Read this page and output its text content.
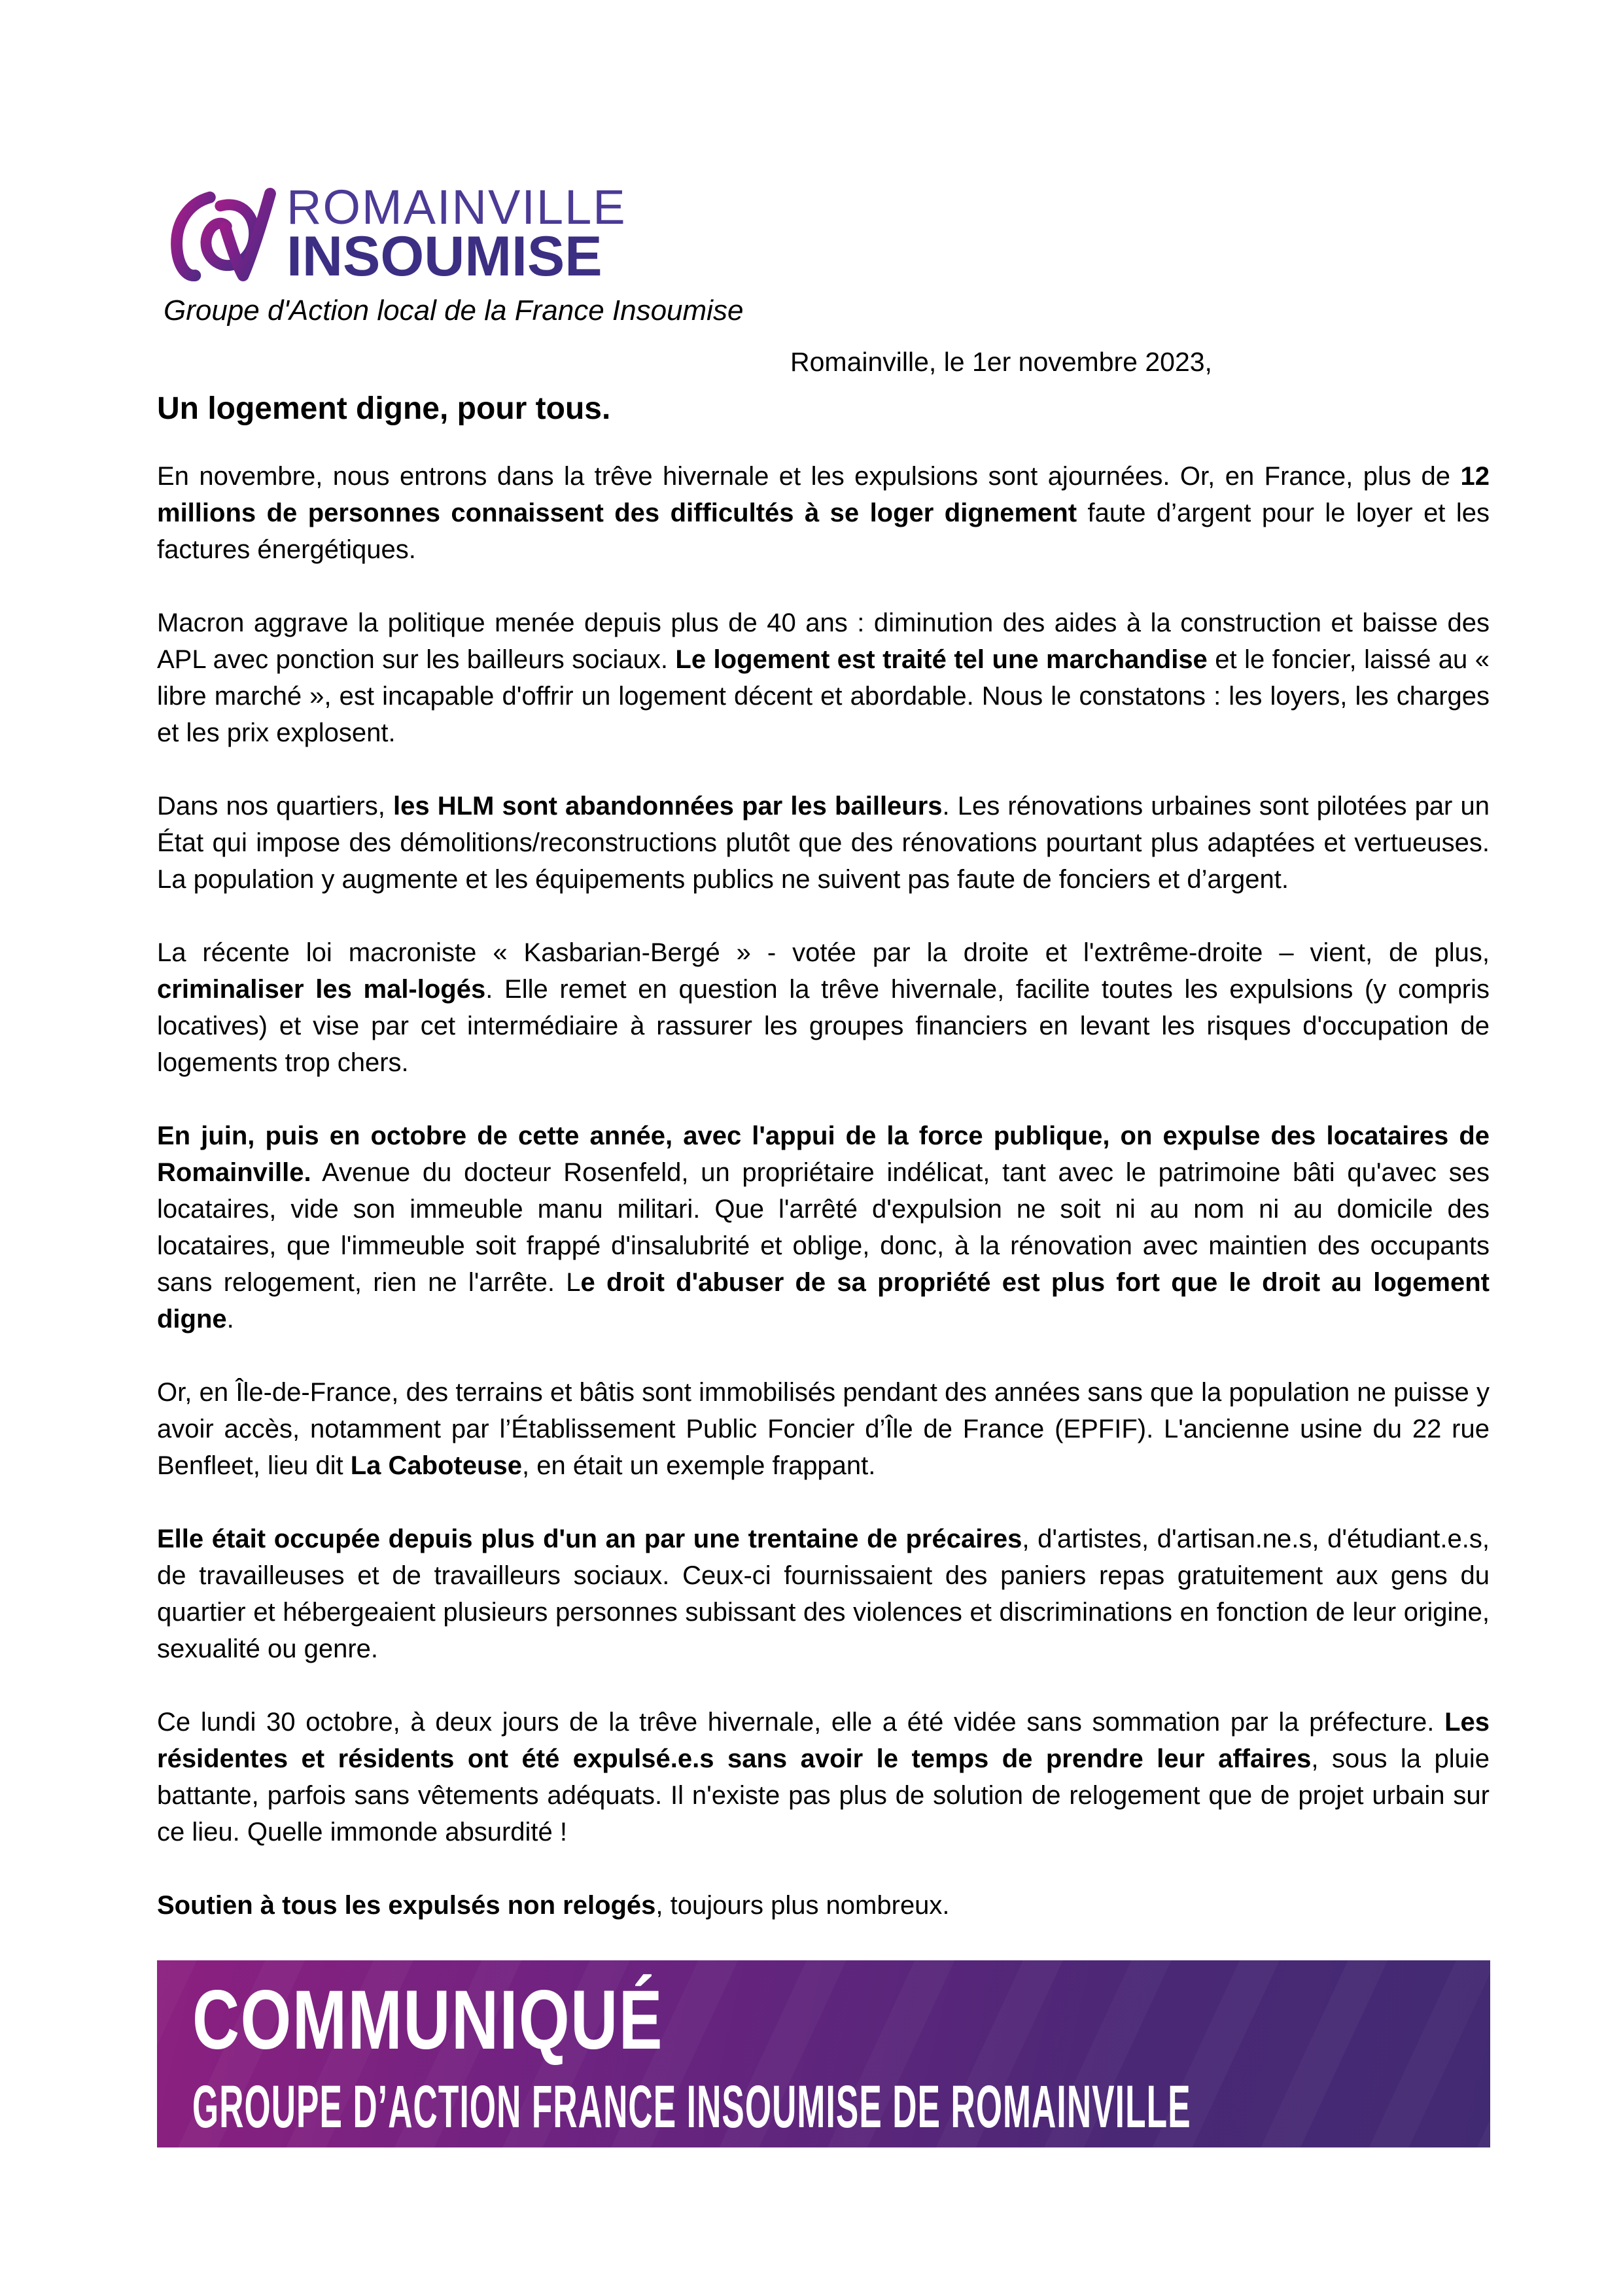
ROMAINVILLE
INSOUMISE
Groupe d'Action local de la France Insoumise
Romainville, le 1er novembre 2023,
Un logement digne, pour tous.

En novembre, nous entrons dans la trêve hivernale et les expulsions sont ajournées. Or, en France, plus de 12 millions de personnes connaissent des difficultés à se loger dignement faute d’argent pour le loyer et les factures énergétiques.

Macron aggrave la politique menée depuis plus de 40 ans : diminution des aides à la construction et baisse des APL avec ponction sur les bailleurs sociaux. Le logement est traité tel une marchandise et le foncier, laissé au « libre marché », est incapable d'offrir un logement décent et abordable. Nous le constatons : les loyers, les charges et les prix explosent.

Dans nos quartiers, les HLM sont abandonnées par les bailleurs. Les rénovations urbaines sont pilotées par un État qui impose des démolitions/reconstructions plutôt que des rénovations pourtant plus adaptées et vertueuses. La population y augmente et les équipements publics ne suivent pas faute de fonciers et d’argent.

La récente loi macroniste « Kasbarian-Bergé » - votée par la droite et l'extrême-droite – vient, de plus, criminaliser les mal-logés. Elle remet en question la trêve hivernale, facilite toutes les expulsions (y compris locatives) et vise par cet intermédiaire à rassurer les groupes financiers en levant les risques d'occupation de logements trop chers.

En juin, puis en octobre de cette année, avec l'appui de la force publique, on expulse des locataires de Romainville. Avenue du docteur Rosenfeld, un propriétaire indélicat, tant avec le patrimoine bâti qu'avec ses locataires, vide son immeuble manu militari. Que l'arrêté d'expulsion ne soit ni au nom ni au domicile des locataires, que l'immeuble soit frappé d'insalubrité et oblige, donc, à la rénovation avec maintien des occupants sans relogement, rien ne l'arrête. Le droit d'abuser de sa propriété est plus fort que le droit au logement digne.

Or, en Île-de-France, des terrains et bâtis sont immobilisés pendant des années sans que la population ne puisse y avoir accès, notamment par l’Établissement Public Foncier d’Île de France (EPFIF). L'ancienne usine du 22 rue Benfleet, lieu dit La Caboteuse, en était un exemple frappant.

Elle était occupée depuis plus d'un an par une trentaine de précaires, d'artistes, d'artisan.ne.s, d'étudiant.e.s, de travailleuses et de travailleurs sociaux. Ceux-ci fournissaient des paniers repas gratuitement aux gens du quartier et hébergeaient plusieurs personnes subissant des violences et discriminations en fonction de leur origine, sexualité ou genre.

Ce lundi 30 octobre, à deux jours de la trêve hivernale, elle a été vidée sans sommation par la préfecture. Les résidentes et résidents ont été expulsé.e.s sans avoir le temps de prendre leur affaires, sous la pluie battante, parfois sans vêtements adéquats. Il n'existe pas plus de solution de relogement que de projet urbain sur ce lieu. Quelle immonde absurdité !

Soutien à tous les expulsés non relogés, toujours plus nombreux.

COMMUNIQUÉ
GROUPE D’ACTION FRANCE INSOUMISE DE ROMAINVILLE
